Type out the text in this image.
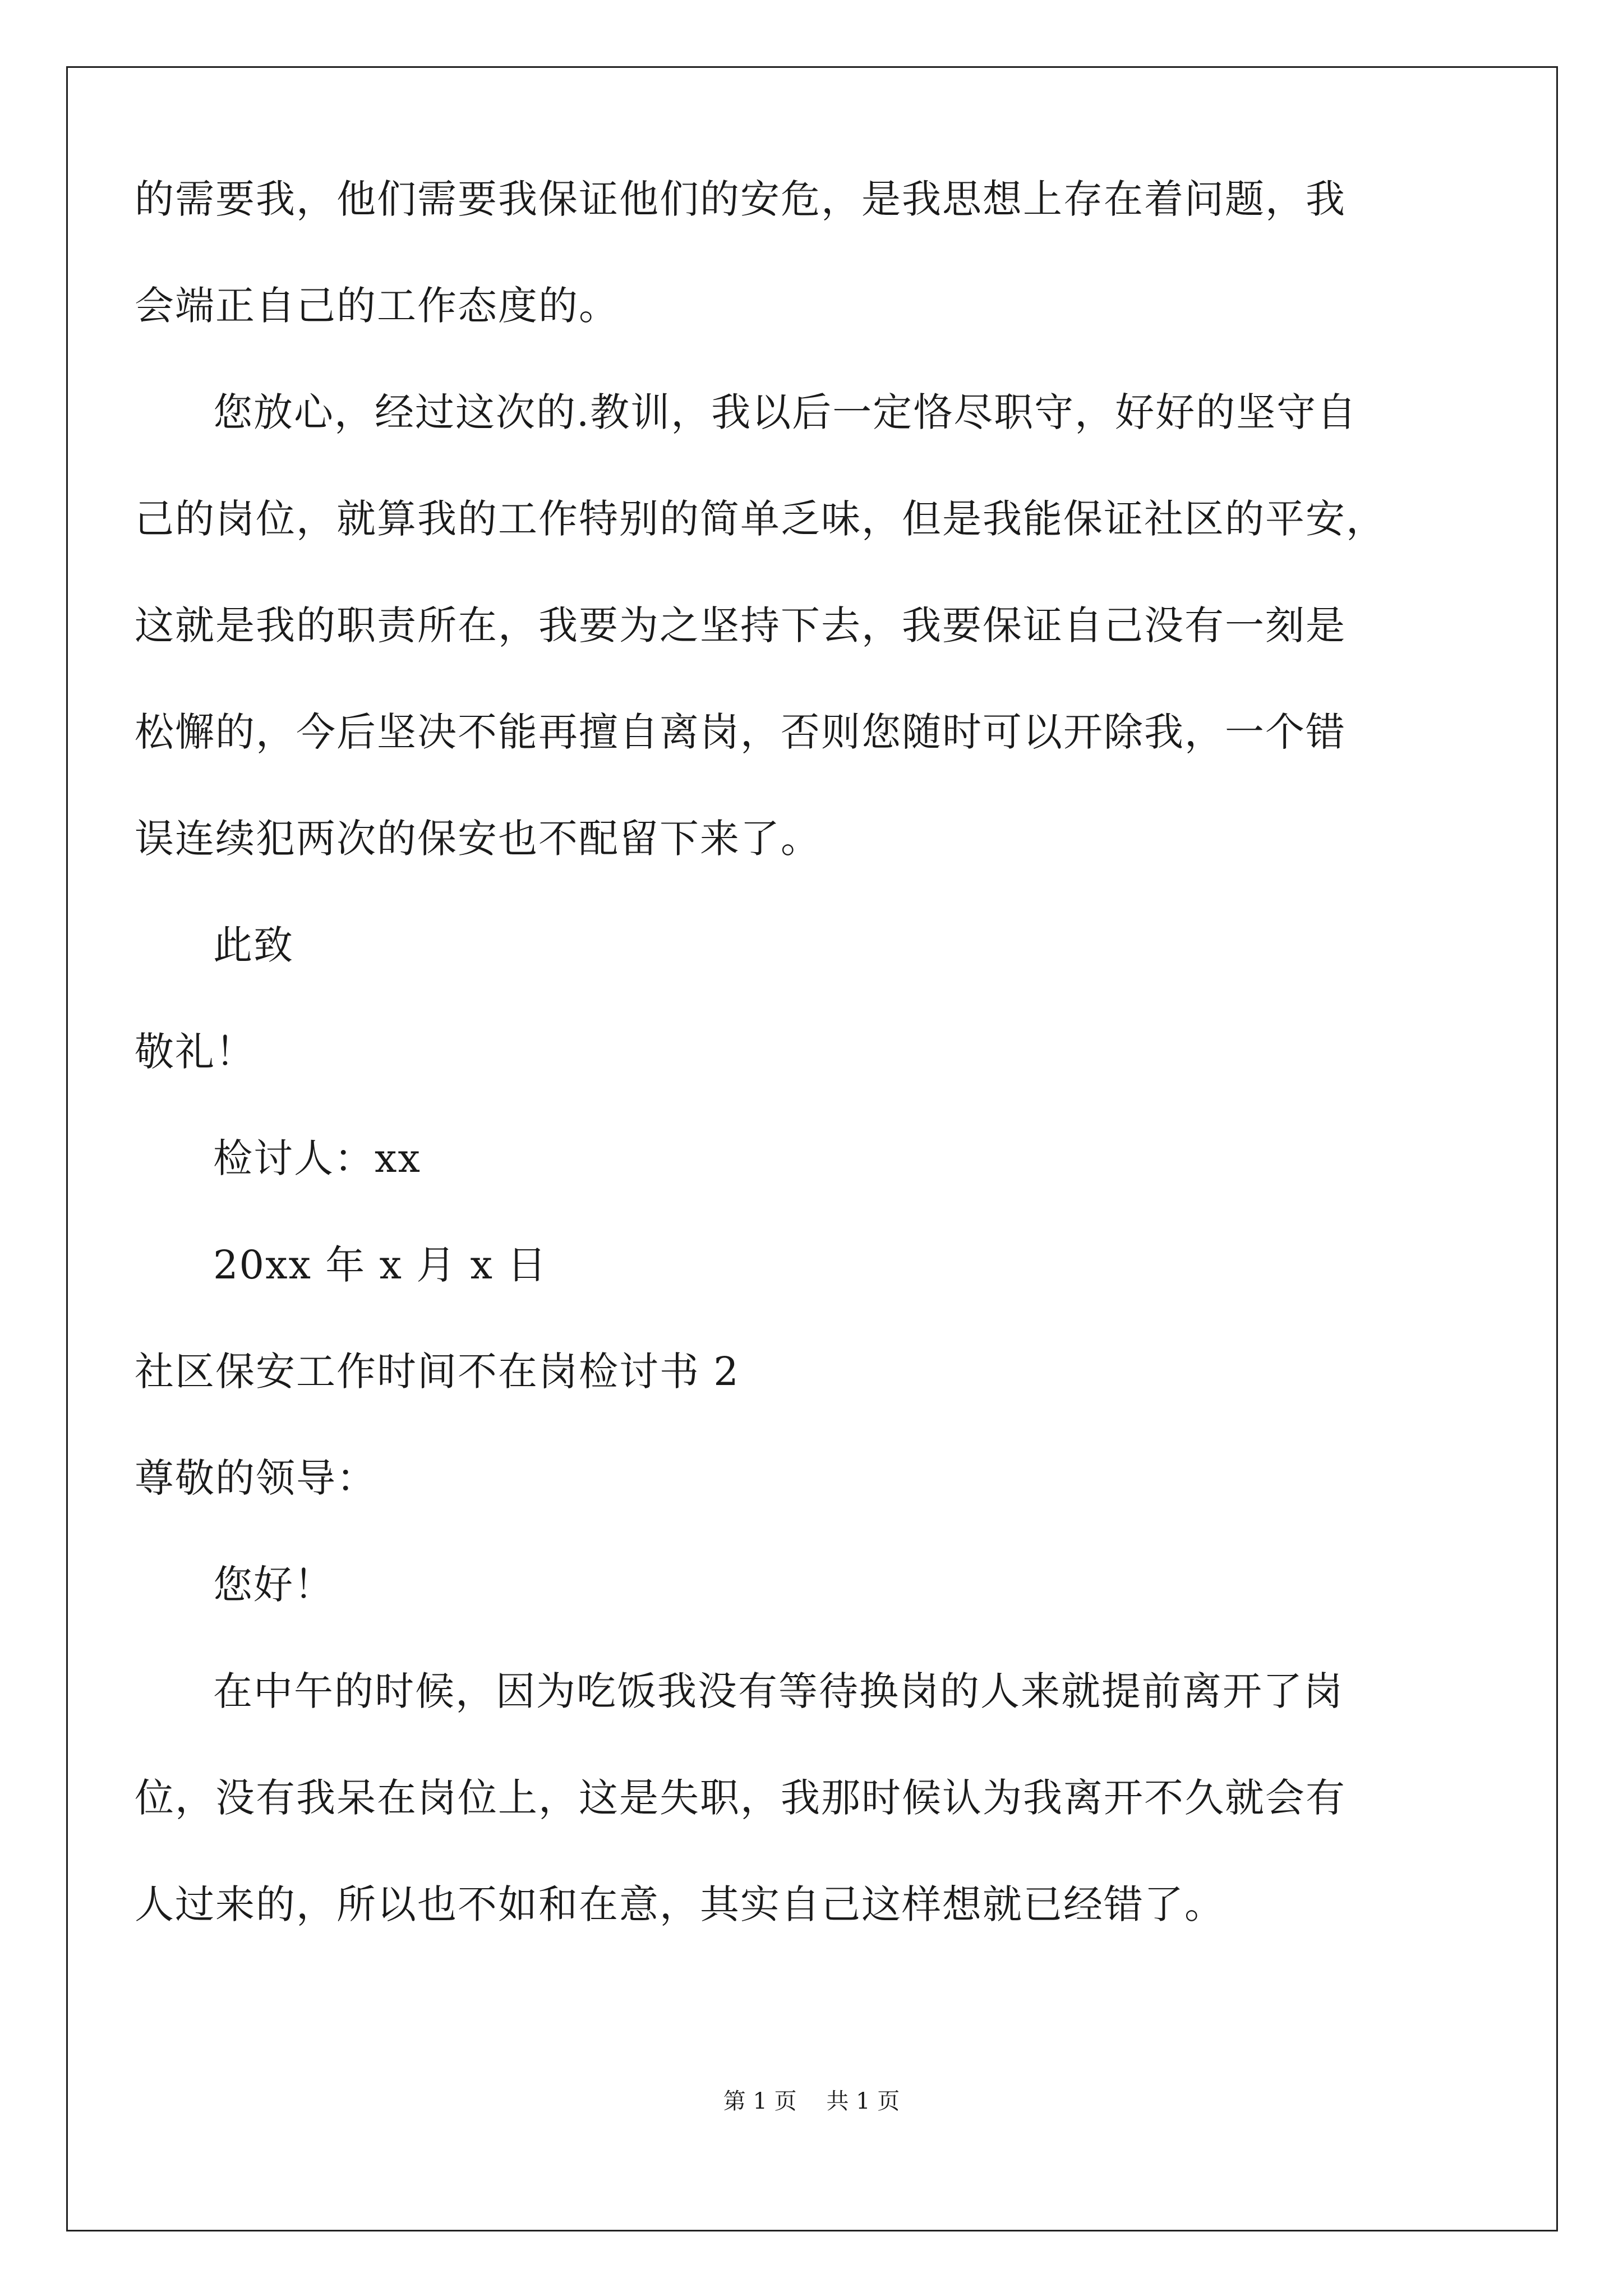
的需要我，他们需要我保证他们的安危，是我思想上存在着问题，我
会端正自己的工作态度的。
您放心，经过这次的.教训，我以后一定恪尽职守，好好的坚守自
己的岗位，就算我的工作特别的简单乏味，但是我能保证社区的平安，
这就是我的职责所在，我要为之坚持下去，我要保证自己没有一刻是
松懈的，今后坚决不能再擅自离岗，否则您随时可以开除我，一个错
误连续犯两次的保安也不配留下来了。
此致
敬礼！
检讨人：xx
20xx 年 x 月 x 日
社区保安工作时间不在岗检讨书 2
尊敬的领导：
您好！
在中午的时候，因为吃饭我没有等待换岗的人来就提前离开了岗
位，没有我呆在岗位上，这是失职，我那时候认为我离开不久就会有
人过来的，所以也不如和在意，其实自己这样想就已经错了。
第 1 页 共 1 页
